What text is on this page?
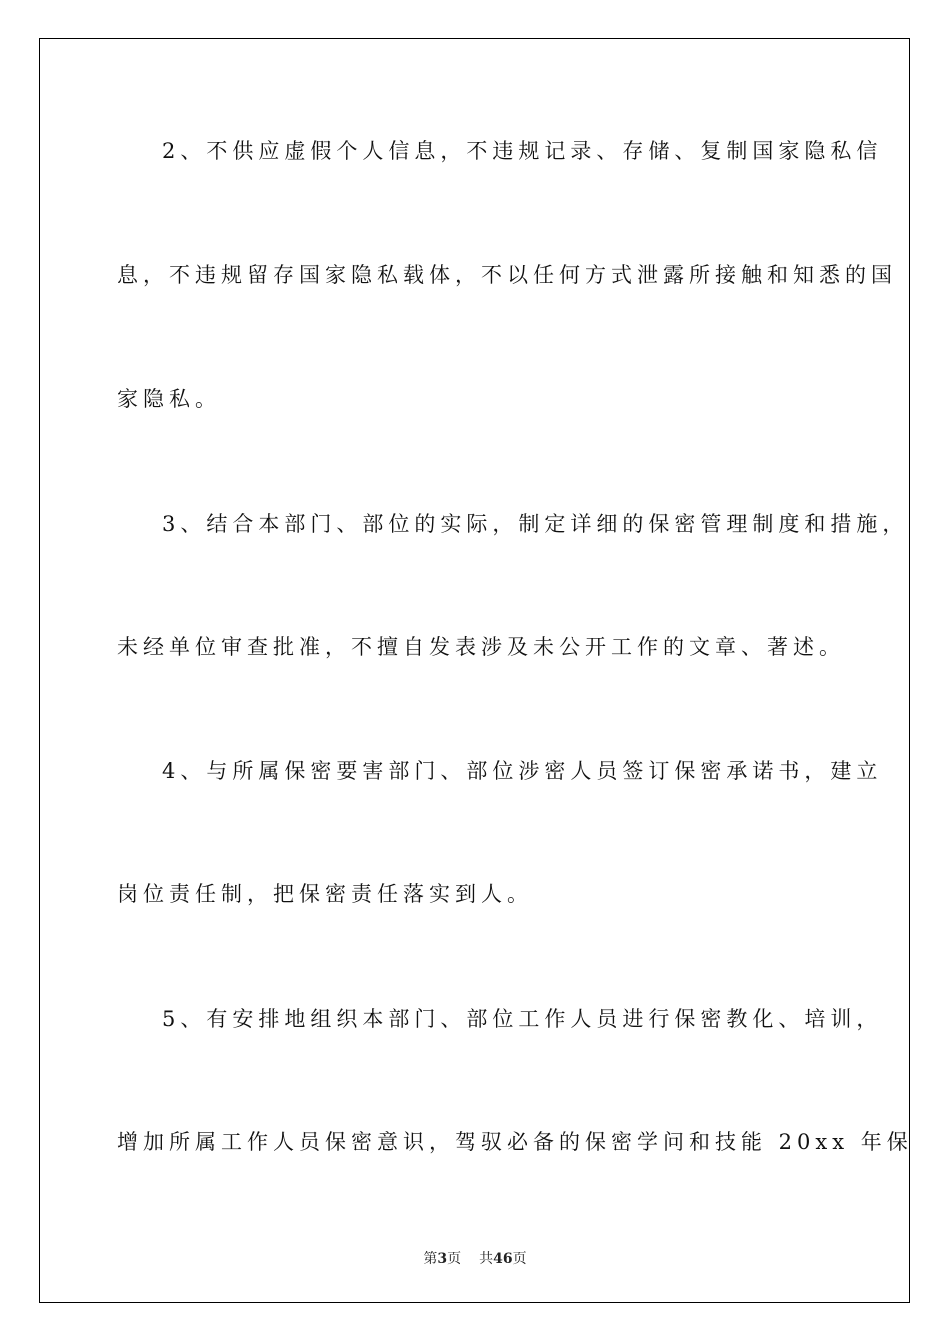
2、不供应虚假个人信息，不违规记录、存储、复制国家隐私信

息，不违规留存国家隐私载体，不以任何方式泄露所接触和知悉的国

家隐私。

3、结合本部门、部位的实际，制定详细的保密管理制度和措施，

未经单位审查批准，不擅自发表涉及未公开工作的文章、著述。

4、与所属保密要害部门、部位涉密人员签订保密承诺书，建立

岗位责任制，把保密责任落实到人。

5、有安排地组织本部门、部位工作人员进行保密教化、培训，

增加所属工作人员保密意识，驾驭必备的保密学问和技能 20xx 年保

第3页 共46页
